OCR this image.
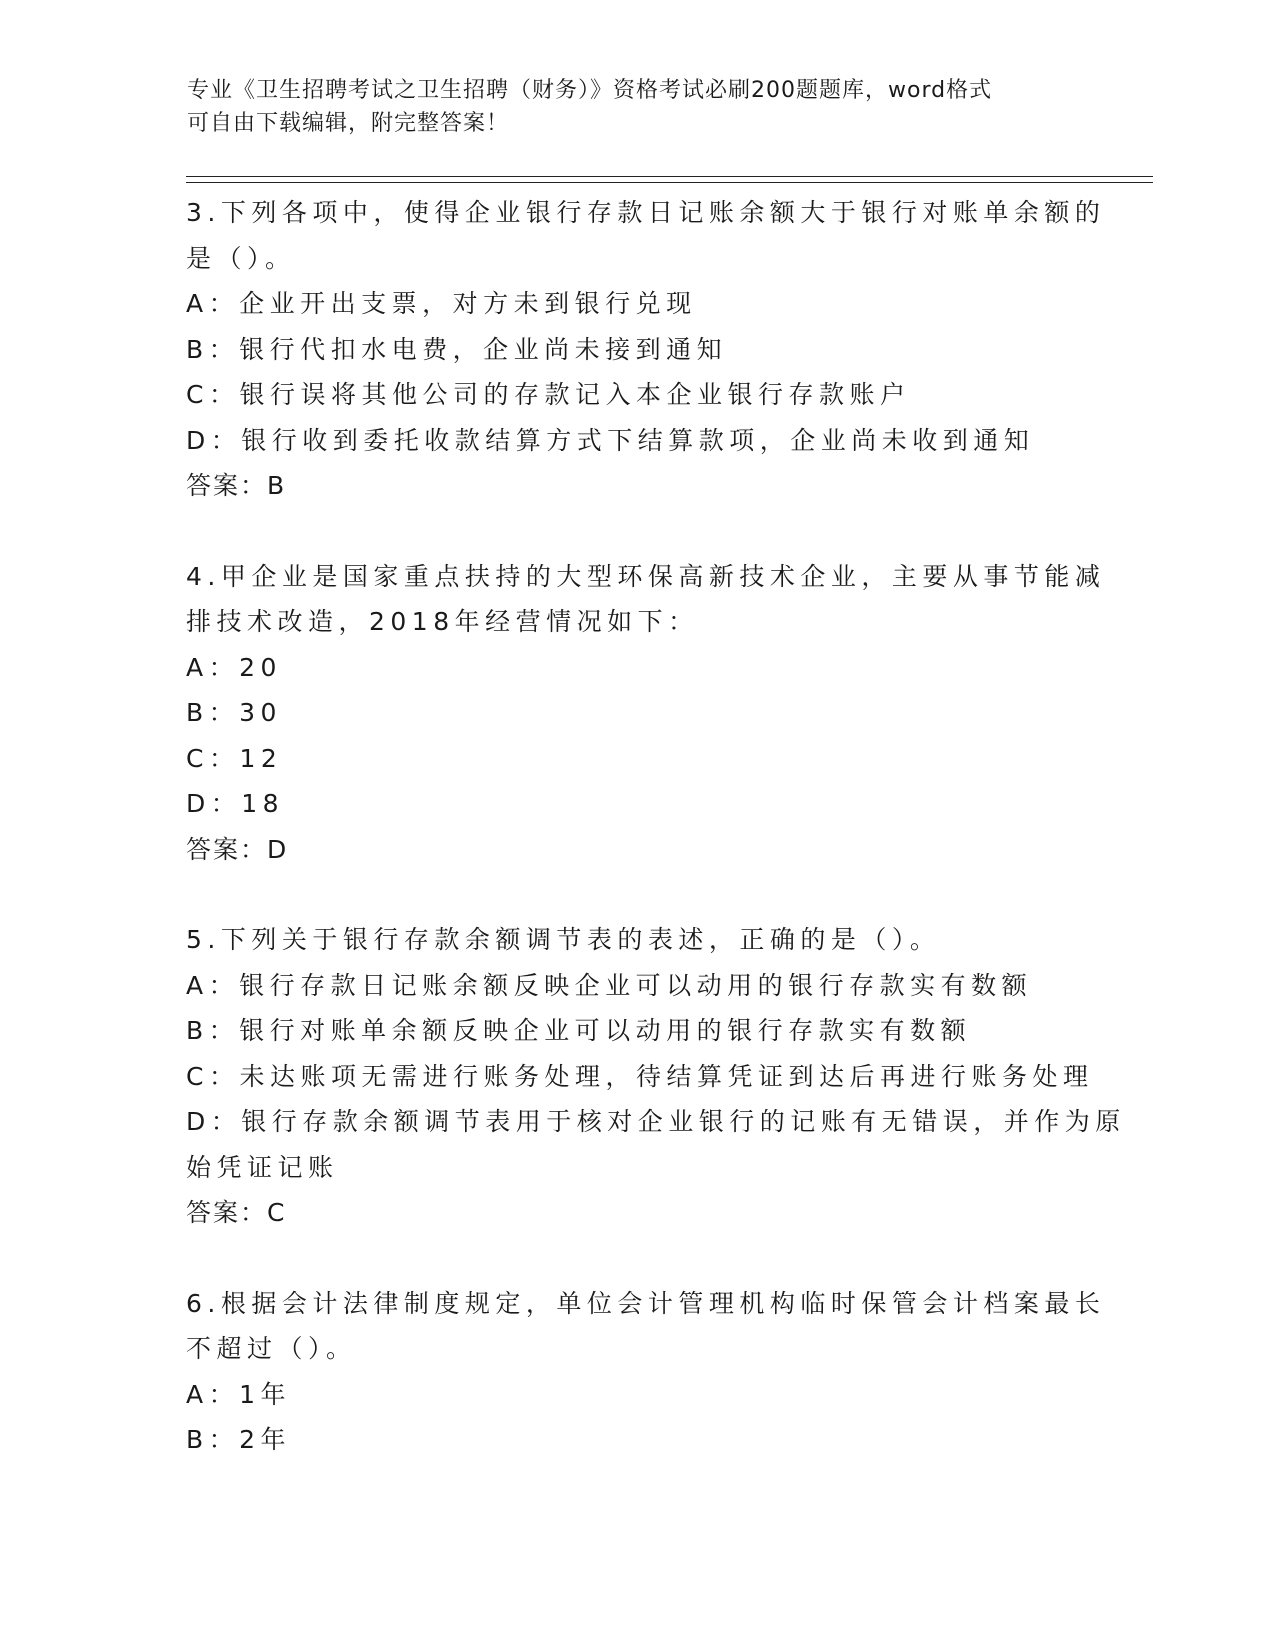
专业《卫生招聘考试之卫生招聘（财务）》资格考试必刷200题题库，word格式
可自由下载编辑，附完整答案！

3.下列各项中，使得企业银行存款日记账余额大于银行对账单余额的

是（）。

A：企业开出支票，对方未到银行兑现

B：银行代扣水电费，企业尚未接到通知

C：银行误将其他公司的存款记入本企业银行存款账户

D：银行收到委托收款结算方式下结算款项，企业尚未收到通知

答案：B

4.甲企业是国家重点扶持的大型环保高新技术企业，主要从事节能减

排技术改造，2018年经营情况如下：

A：20

B：30

C：12

D：18

答案：D

5.下列关于银行存款余额调节表的表述，正确的是（）。

A：银行存款日记账余额反映企业可以动用的银行存款实有数额

B：银行对账单余额反映企业可以动用的银行存款实有数额

C：未达账项无需进行账务处理，待结算凭证到达后再进行账务处理

D：银行存款余额调节表用于核对企业银行的记账有无错误，并作为原

始凭证记账

答案：C

6.根据会计法律制度规定，单位会计管理机构临时保管会计档案最长

不超过（）。

A：1年

B：2年
